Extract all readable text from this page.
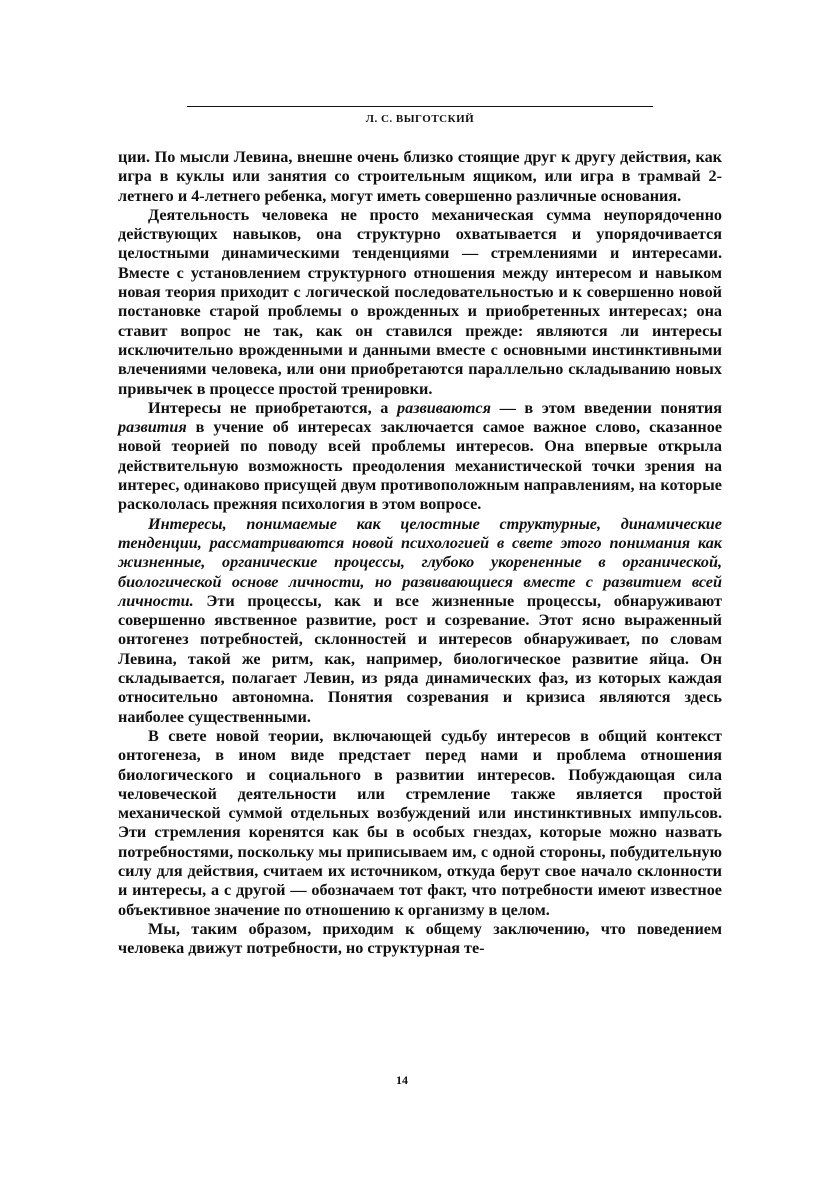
Л. С. ВЫГОТСКИЙ

ции. По мысли Левина, внешне очень близко стоящие друг к другу действия, как игра в куклы или занятия со строительным ящиком, или игра в трамвай 2-летнего и 4-летнего ребенка, могут иметь совершенно различные основания.

Деятельность человека не просто механическая сумма неупорядоченно действующих навыков, она структурно охватывается и упорядочивается целостными динамическими тенденциями — стремлениями и интересами. Вместе с установлением структурного отношения между интересом и навыком новая теория приходит с логической последовательностью и к совершенно новой постановке старой проблемы о врожденных и приобретенных интересах; она ставит вопрос не так, как он ставился прежде: являются ли интересы исключительно врожденными и данными вместе с основными инстинктивными влечениями человека, или они приобретаются параллельно складыванию новых привычек в процессе простой тренировки.

Интересы не приобретаются, а развиваются — в этом введении понятия развития в учение об интересах заключается самое важное слово, сказанное новой теорией по поводу всей проблемы интересов. Она впервые открыла действительную возможность преодоления механистической точки зрения на интерес, одинаково присущей двум противоположным направлениям, на которые раскололась прежняя психология в этом вопросе.

Интересы, понимаемые как целостные структурные, динамические тенденции, рассматриваются новой психологией в свете этого понимания как жизненные, органические процессы, глубоко укорененные в органической, биологической основе личности, но развивающиеся вместе с развитием всей личности. Эти процессы, как и все жизненные процессы, обнаруживают совершенно явственное развитие, рост и созревание. Этот ясно выраженный онтогенез потребностей, склонностей и интересов обнаруживает, по словам Левина, такой же ритм, как, например, биологическое развитие яйца. Он складывается, полагает Левин, из ряда динамических фаз, из которых каждая относительно автономна. Понятия созревания и кризиса являются здесь наиболее существенными.

В свете новой теории, включающей судьбу интересов в общий контекст онтогенеза, в ином виде предстает перед нами и проблема отношения биологического и социального в развитии интересов. Побуждающая сила человеческой деятельности или стремление также является простой механической суммой отдельных возбуждений или инстинктивных импульсов. Эти стремления коренятся как бы в особых гнездах, которые можно назвать потребностями, поскольку мы приписываем им, с одной стороны, побудительную силу для действия, считаем их источником, откуда берут свое начало склонности и интересы, а с другой — обозначаем тот факт, что потребности имеют известное объективное значение по отношению к организму в целом.

Мы, таким образом, приходим к общему заключению, что поведением человека движут потребности, но структурная те-

14
